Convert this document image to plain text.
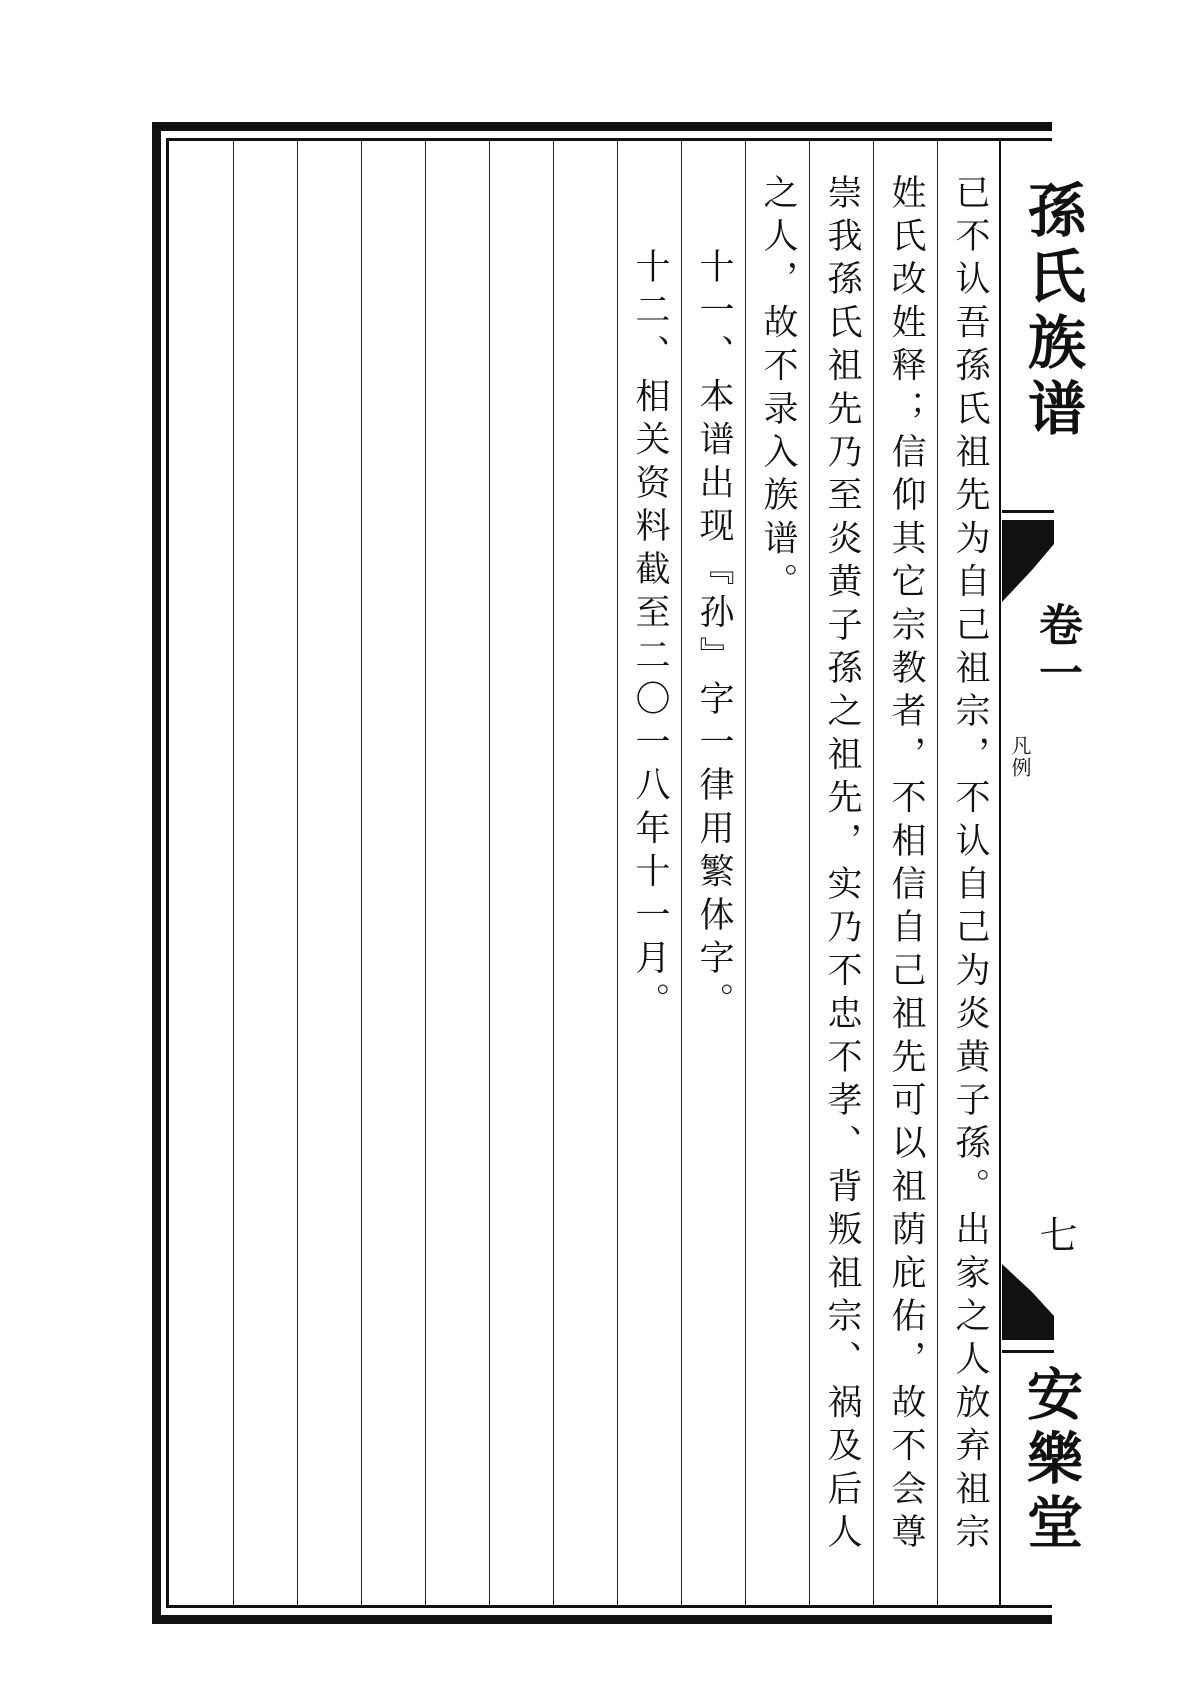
已不认吾孫氏祖先为自己祖宗，不认自己为炎黄子孫。出家之人放弃祖宗
姓氏改姓释；信仰其它宗教者，不相信自己祖先可以祖荫庇佑，故不会尊
崇我孫氏祖先乃至炎黄子孫之祖先，实乃不忠不孝、背叛祖宗、祸及后人
之人，故不录入族谱。
十一、本谱出现『孙』字一律用繁体字。
十二、相关资料截至二〇一八年十一月。	孫氏族谱
卷一
凡例
七
安樂堂
